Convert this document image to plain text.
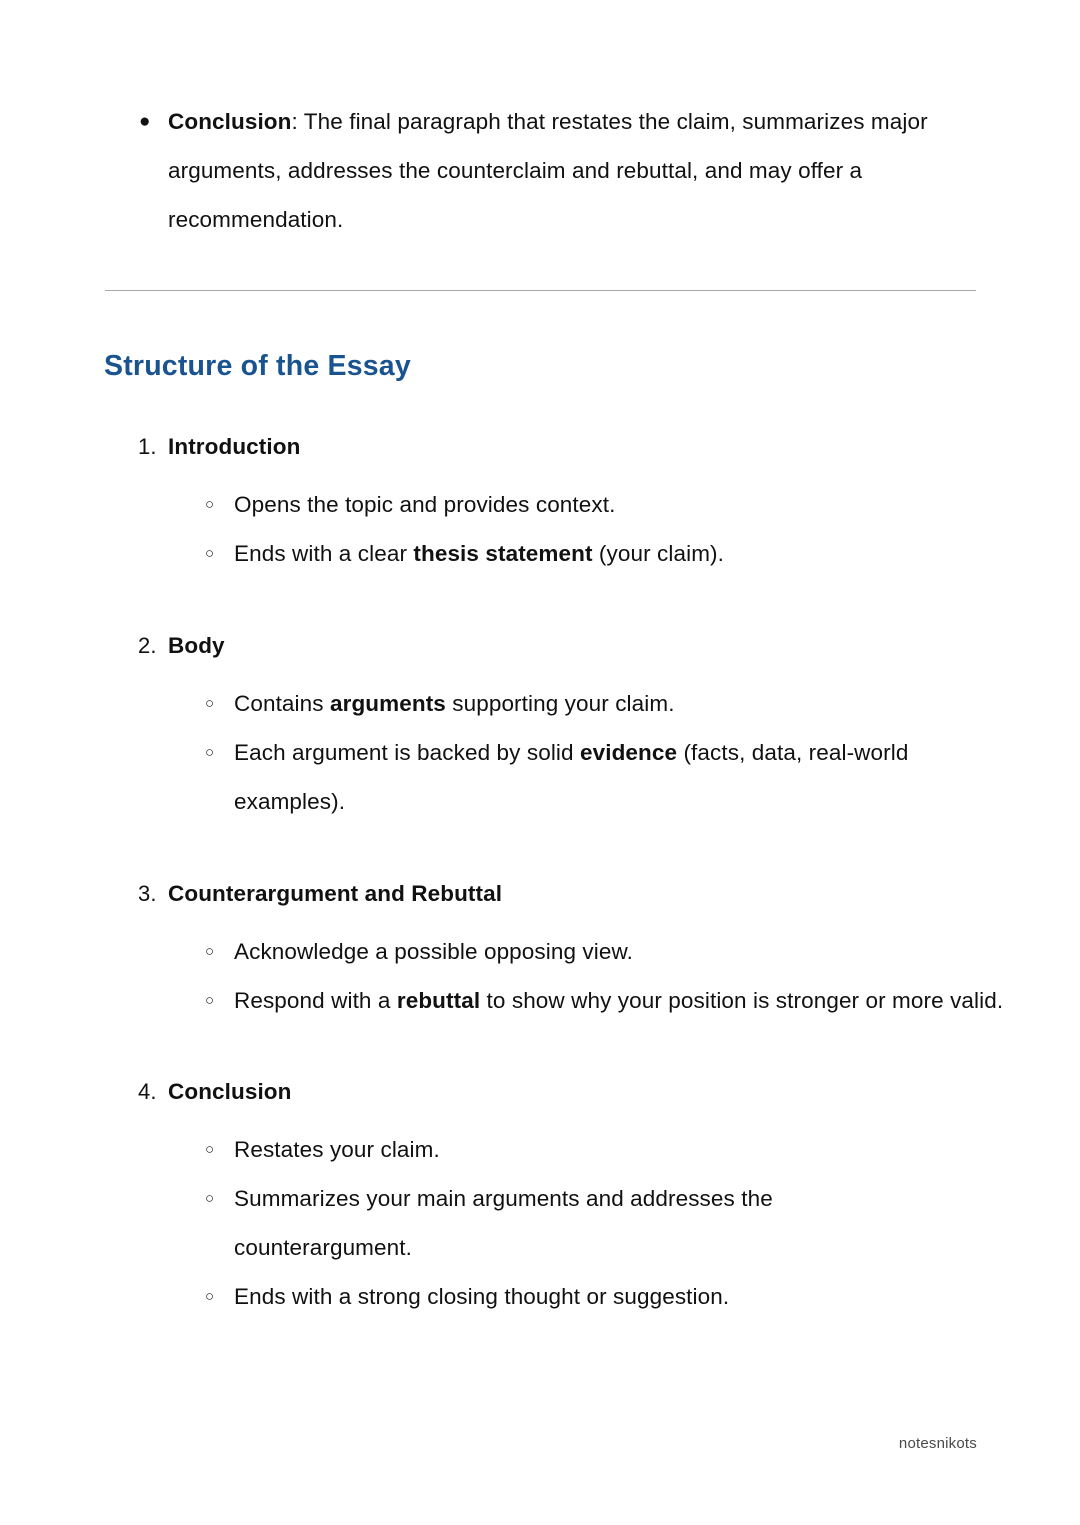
● Conclusion: The final paragraph that restates the claim, summarizes major arguments, addresses the counterclaim and rebuttal, and may offer a recommendation.
Structure of the Essay
1. Introduction
○ Opens the topic and provides context.
○ Ends with a clear thesis statement (your claim).
2. Body
○ Contains arguments supporting your claim.
○ Each argument is backed by solid evidence (facts, data, real-world examples).
3. Counterargument and Rebuttal
○ Acknowledge a possible opposing view.
○ Respond with a rebuttal to show why your position is stronger or more valid.
4. Conclusion
○ Restates your claim.
○ Summarizes your main arguments and addresses the counterargument.
○ Ends with a strong closing thought or suggestion.
notesnikots
